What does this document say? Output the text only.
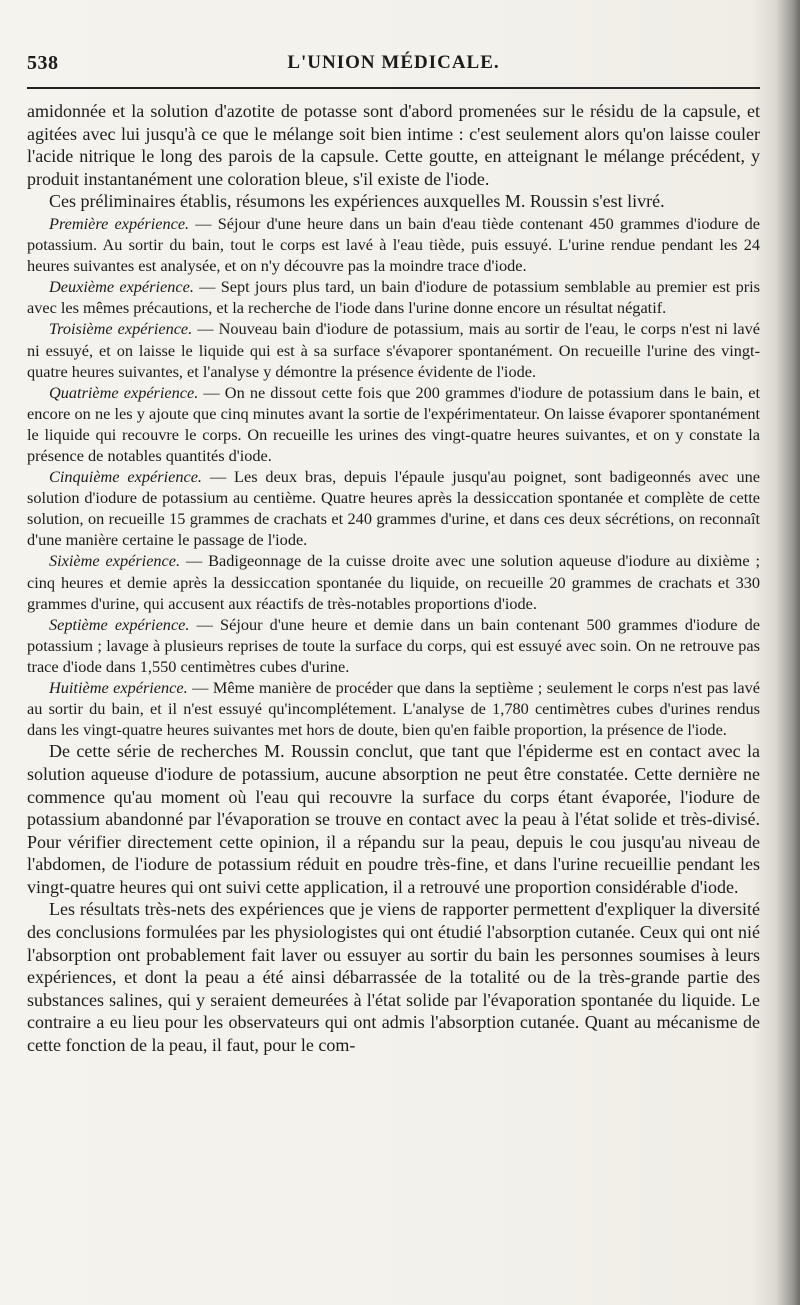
538	L'UNION MÉDICALE.

amidonnée et la solution d'azotite de potasse sont d'abord promenées sur le résidu de la capsule, et agitées avec lui jusqu'à ce que le mélange soit bien intime : c'est seulement alors qu'on laisse couler l'acide nitrique le long des parois de la capsule. Cette goutte, en atteignant le mélange précédent, y produit instantanément une coloration bleue, s'il existe de l'iode.

Ces préliminaires établis, résumons les expériences auxquelles M. Roussin s'est livré.

Première expérience. — Séjour d'une heure dans un bain d'eau tiède contenant 450 grammes d'iodure de potassium. Au sortir du bain, tout le corps est lavé à l'eau tiède, puis essuyé. L'urine rendue pendant les 24 heures suivantes est analysée, et on n'y découvre pas la moindre trace d'iode.

Deuxième expérience. — Sept jours plus tard, un bain d'iodure de potassium semblable au premier est pris avec les mêmes précautions, et la recherche de l'iode dans l'urine donne encore un résultat négatif.

Troisième expérience. — Nouveau bain d'iodure de potassium, mais au sortir de l'eau, le corps n'est ni lavé ni essuyé, et on laisse le liquide qui est à sa surface s'évaporer spontanément. On recueille l'urine des vingt-quatre heures suivantes, et l'analyse y démontre la présence évidente de l'iode.

Quatrième expérience. — On ne dissout cette fois que 200 grammes d'iodure de potassium dans le bain, et encore on ne les y ajoute que cinq minutes avant la sortie de l'expérimentateur. On laisse évaporer spontanément le liquide qui recouvre le corps. On recueille les urines des vingt-quatre heures suivantes, et on y constate la présence de notables quantités d'iode.

Cinquième expérience. — Les deux bras, depuis l'épaule jusqu'au poignet, sont badigeonnés avec une solution d'iodure de potassium au centième. Quatre heures après la dessiccation spontanée et complète de cette solution, on recueille 15 grammes de crachats et 240 grammes d'urine, et dans ces deux sécrétions, on reconnaît d'une manière certaine le passage de l'iode.

Sixième expérience. — Badigeonnage de la cuisse droite avec une solution aqueuse d'iodure au dixième ; cinq heures et demie après la dessiccation spontanée du liquide, on recueille 20 grammes de crachats et 330 grammes d'urine, qui accusent aux réactifs de très-notables proportions d'iode.

Septième expérience. — Séjour d'une heure et demie dans un bain contenant 500 grammes d'iodure de potassium ; lavage à plusieurs reprises de toute la surface du corps, qui est essuyé avec soin. On ne retrouve pas trace d'iode dans 1,550 centimètres cubes d'urine.

Huitième expérience. — Même manière de procéder que dans la septième ; seulement le corps n'est pas lavé au sortir du bain, et il n'est essuyé qu'incomplétement. L'analyse de 1,780 centimètres cubes d'urines rendus dans les vingt-quatre heures suivantes met hors de doute, bien qu'en faible proportion, la présence de l'iode.

De cette série de recherches M. Roussin conclut, que tant que l'épiderme est en contact avec la solution aqueuse d'iodure de potassium, aucune absorption ne peut être constatée. Cette dernière ne commence qu'au moment où l'eau qui recouvre la surface du corps étant évaporée, l'iodure de potassium abandonné par l'évaporation se trouve en contact avec la peau à l'état solide et très-divisé. Pour vérifier directement cette opinion, il a répandu sur la peau, depuis le cou jusqu'au niveau de l'abdomen, de l'iodure de potassium réduit en poudre très-fine, et dans l'urine recueillie pendant les vingt-quatre heures qui ont suivi cette application, il a retrouvé une proportion considérable d'iode.

Les résultats très-nets des expériences que je viens de rapporter permettent d'expliquer la diversité des conclusions formulées par les physiologistes qui ont étudié l'absorption cutanée. Ceux qui ont nié l'absorption ont probablement fait laver ou essuyer au sortir du bain les personnes soumises à leurs expériences, et dont la peau a été ainsi débarrassée de la totalité ou de la très-grande partie des substances salines, qui y seraient demeurées à l'état solide par l'évaporation spontanée du liquide. Le contraire a eu lieu pour les observateurs qui ont admis l'absorption cutanée. Quant au mécanisme de cette fonction de la peau, il faut, pour le com-
